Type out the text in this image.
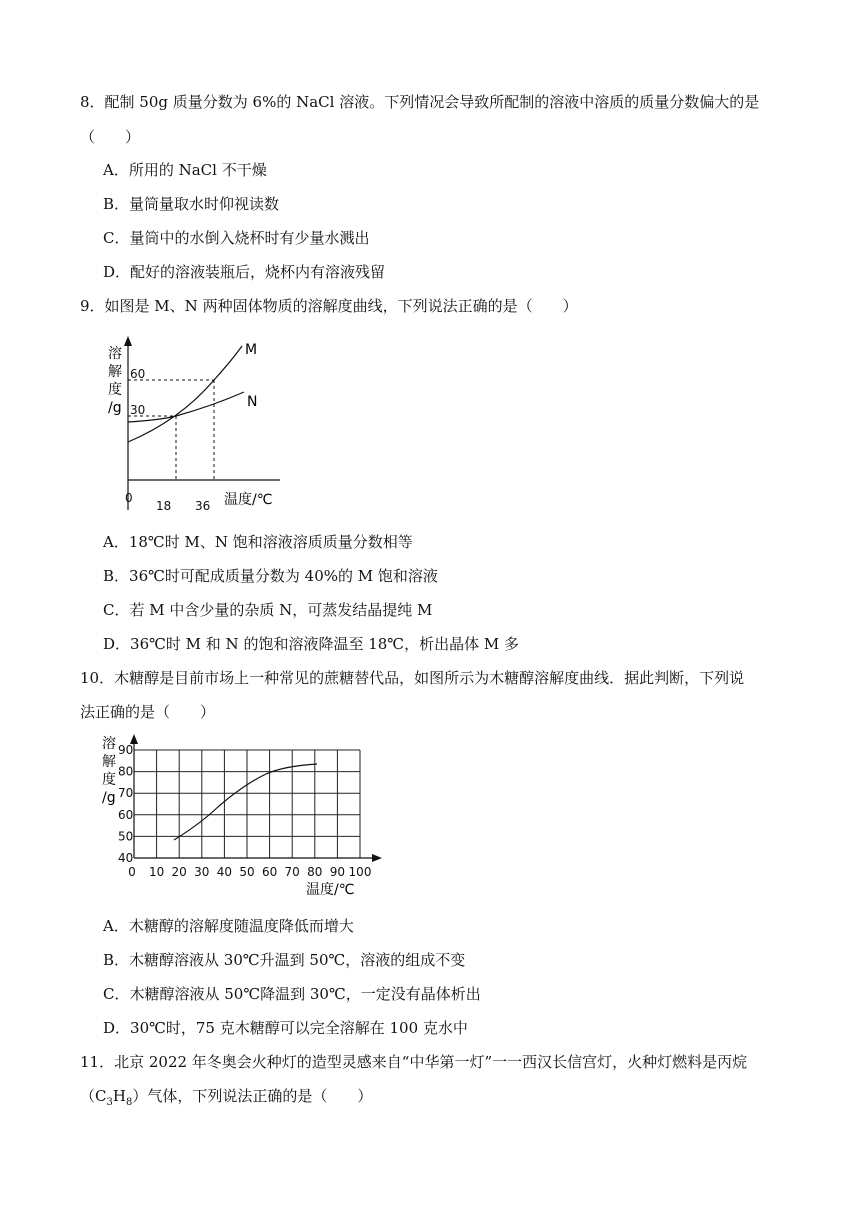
8．配制 50g 质量分数为 6%的 NaCl 溶液。下列情况会导致所配制的溶液中溶质的质量分数偏大的是
（　　）
A．所用的 NaCl 不干燥
B．量筒量取水时仰视读数
C．量筒中的水倒入烧杯时有少量水溅出
D．配好的溶液装瓶后，烧杯内有溶液残留
9．如图是 M、N 两种固体物质的溶解度曲线，下列说法正确的是（　　）
溶
解
度
/g
60
30
M
N
0
18 36 温度/℃
A．18℃时 M、N 饱和溶液溶质质量分数相等
B．36℃时可配成质量分数为 40%的 M 饱和溶液
C．若 M 中含少量的杂质 N，可蒸发结晶提纯 M
D．36℃时 M 和 N 的饱和溶液降温至 18℃，析出晶体 M 多
10．木糖醇是目前市场上一种常见的蔗糖替代品，如图所示为木糖醇溶解度曲线．据此判断，下列说
法正确的是（　　）
40
50
60
70
80
90
0 10 20 30 40 50 60 70 80 90 100
溶
解
度
/g
温度/℃
A．木糖醇的溶解度随温度降低而增大
B．木糖醇溶液从 30℃升温到 50℃，溶液的组成不变
C．木糖醇溶液从 50℃降温到 30℃，一定没有晶体析出
D．30℃时，75 克木糖醇可以完全溶解在 100 克水中
11．北京 2022 年冬奥会火种灯的造型灵感来自“中华第一灯”一一西汉长信宫灯，火种灯燃料是丙烷
$(C_3H_8)$气体，下列说法正确的是（　　）
